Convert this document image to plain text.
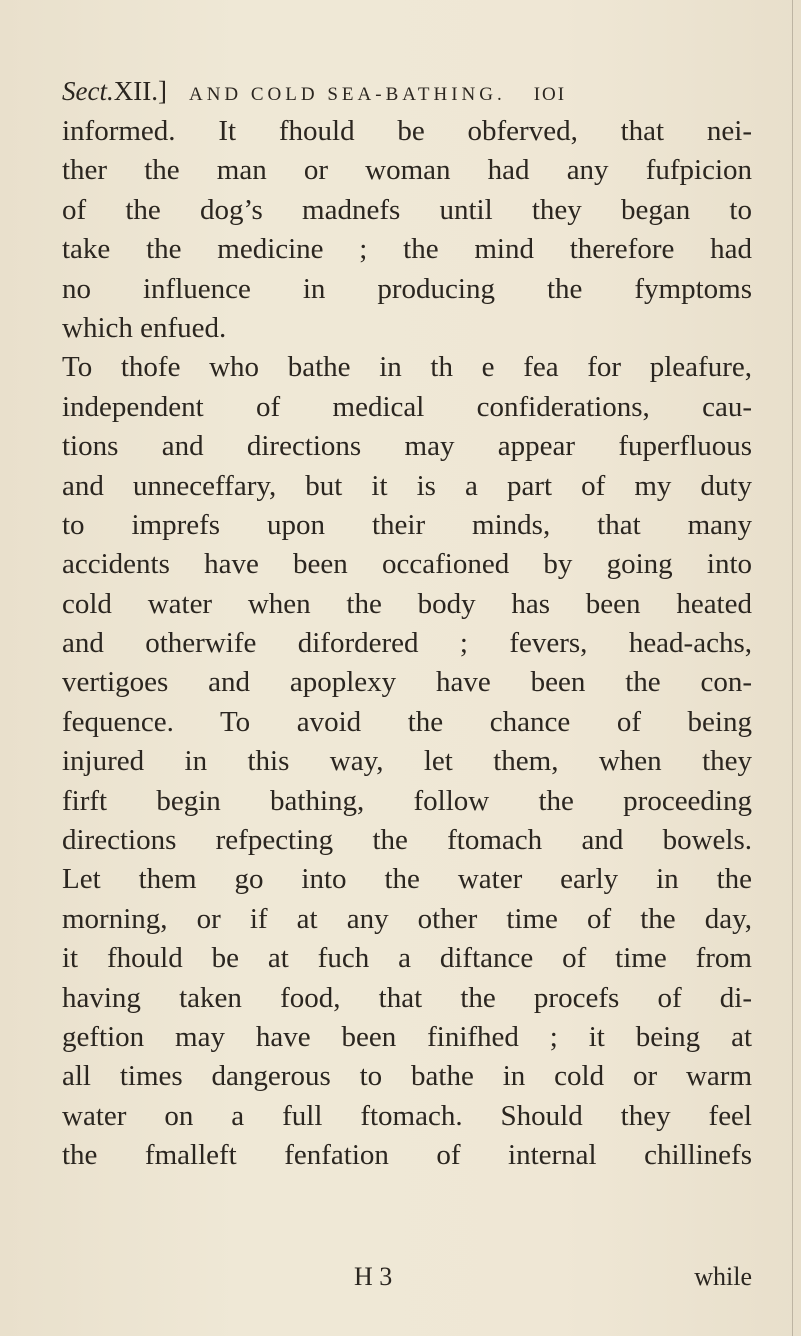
Sect. XII.] AND COLD SEA-BATHING. IOI
informed. It fhould be obferved, that nei-
ther the man or woman had any fufpicion
of the dog’s madnefs until they began to
take the medicine ; the mind therefore had
no influence in producing the fymptoms
which enfued.
To thofe who bathe in th e fea for pleafure,
independent of medical confiderations, cau-
tions and directions may appear fuperfluous
and unneceffary, but it is a part of my duty
to imprefs upon their minds, that many
accidents have been occafioned by going into
cold water when the body has been heated
and otherwife difordered ; fevers, head-achs,
vertigoes and apoplexy have been the con-
fequence. To avoid the chance of being
injured in this way, let them, when they
firft begin bathing, follow the proceeding
directions refpecting the ftomach and bowels.
Let them go into the water early in the
morning, or if at any other time of the day,
it fhould be at fuch a diftance of time from
having taken food, that the procefs of di-
geftion may have been finifhed ; it being at
all times dangerous to bathe in cold or warm
water on a full ftomach. Should they feel
the fmalleft fenfation of internal chillinefs
H 3	while
